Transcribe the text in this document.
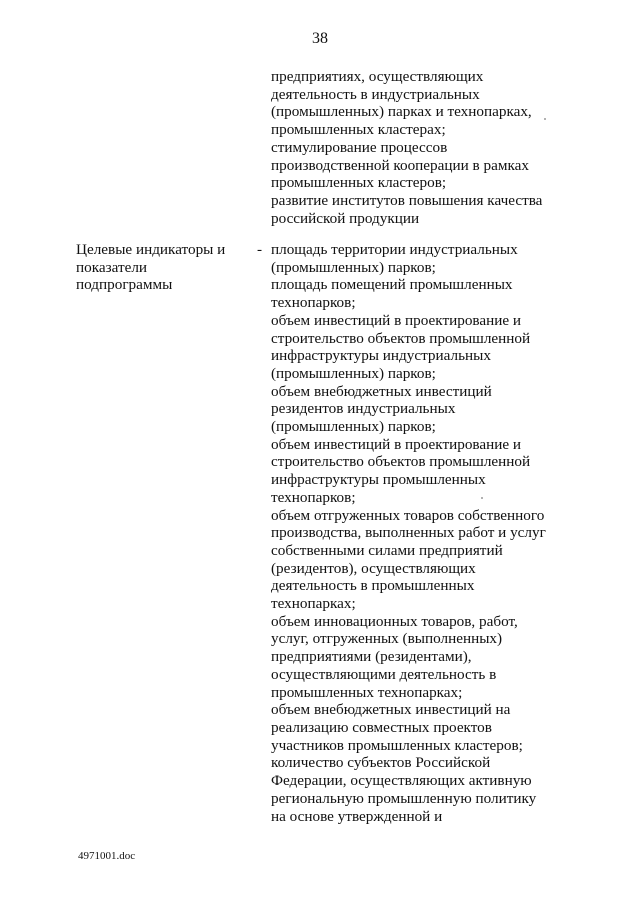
38
предприятиях, осуществляющих
деятельность в индустриальных
(промышленных) парках и технопарках,
промышленных кластерах;
стимулирование процессов
производственной кооперации в рамках
промышленных кластеров;
развитие институтов повышения качества
российской продукции
Целевые индикаторы и
показатели
подпрограммы
- площадь территории индустриальных
(промышленных) парков;
площадь помещений промышленных
технопарков;
объем инвестиций в проектирование и
строительство объектов промышленной
инфраструктуры индустриальных
(промышленных) парков;
объем внебюджетных инвестиций
резидентов индустриальных
(промышленных) парков;
объем инвестиций в проектирование и
строительство объектов промышленной
инфраструктуры промышленных
технопарков;
объем отгруженных товаров собственного
производства, выполненных работ и услуг
собственными силами предприятий
(резидентов), осуществляющих
деятельность в промышленных
технопарках;
объем инновационных товаров, работ,
услуг, отгруженных (выполненных)
предприятиями (резидентами),
осуществляющими деятельность в
промышленных технопарках;
объем внебюджетных инвестиций на
реализацию совместных проектов
участников промышленных кластеров;
количество субъектов Российской
Федерации, осуществляющих активную
региональную промышленную политику
на основе утвержденной и
4971001.doc
